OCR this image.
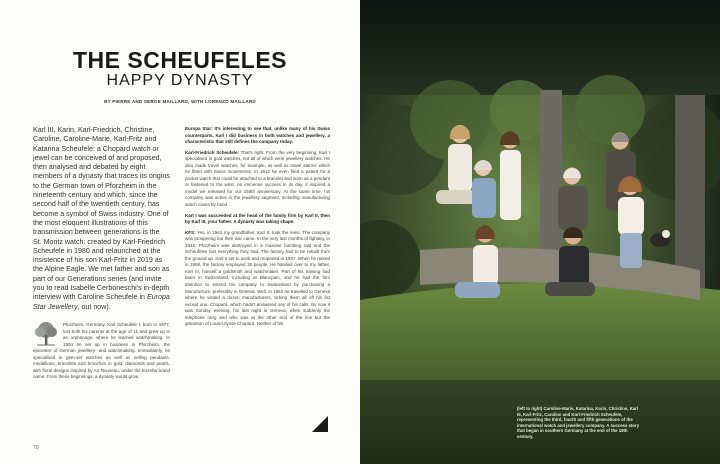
THE SCHEUFELES
HAPPY DYNASTY
BY PIERRE AND SERGE MAILLARD, WITH LORENZO MAILLARD
Karl III, Karin, Karl-Friedrich, Christine, Caroline, Caroline-Marie, Karl-Fritz and Katarina Scheufele: a Chopard watch or jewel can be conceived of and proposed, then analysed and debated by eight members of a dynasty that traces its origins to the German town of Pforzheim in the nineteenth century and which, since the second half of the twentieth century, has become a symbol of Swiss industry. One of the most eloquent illustrations of this transmission between generations is the St. Moritz watch: created by Karl-Friedrich Scheufele in 1980 and relaunched at the insistence of his son Karl-Fritz in 2019 as the Alpine Eagle. We met father and son as part of our Generations series (and invite you to read Isabelle Cerboneschi's in-depth interview with Caroline Scheufele in Europa Star Jewellery, out now).
Pforzheim, Germany. Karl Scheufele I, born in 1877, lost both his parents at the age of 11 and grew up in an orphanage, where he learned watchmaking. In 1904 he set up in business in Pforzheim, the epicentre of German jewellery- and watchmaking. Immediately, he specialised in gem-set watches as well as selling pendants, medallions, bracelets and brooches in gold, diamonds and pearls, with floral designs inspired by Art Nouveau, under the Eszeha brand name. From these beginnings, a dynasty would grow.

Europa Star: It's interesting to see that, unlike many of his Swiss counterparts, Karl I did business in both watches and jewellery, a characteristic that still defines the company today.

Karl-Friedrich Scheufele: That's right. From the very beginning, Karl I specialised in gold watches, not all of which were jewellery watches. He also made travel watches, for example, as well as travel alarms which he fitted with Swiss movements. In 1912 he even filed a patent for a pocket watch that could be attached to a bracelet and worn as a pendant or fastened to the wrist. An immense success in its day, it inspired a model we released for our 150th anniversary. At the same time, his company was active in the jewellery segment, including manufacturing watch cases by hand.

Karl I was succeeded at the head of the family firm by Karl II, then by Karl III, your father. A dynasty was taking shape.

KFS: Yes, in 1941 my grandfather, Karl II, took the reins. The company was prospering but then war came. In the very last months of fighting, in 1945, Pforzheim was destroyed in a massive bombing raid and the Scheufeles lost everything they had. The factory had to be rebuilt from the ground up. Karl II set to work and reopened in 1947. When he retired in 1958, the factory employed 36 people. He handed over to my father, Karl III, himself a goldsmith and watchmaker. Part of his training had been in Switzerland, including at Blancpain, and he had the firm intention to extend his company to Switzerland by purchasing a Manufacture, preferably in Geneva. Well, in 1963 he travelled to Geneva where he visited a dozen manufacturers, ticking them all off his list except one, Chopard, which hadn't answered any of his calls. By now it was Sunday evening, his last night in Geneva, when suddenly the telephone rang and who was at the other end of the line but the grandson of Louis-Ulysse Chopard. Neither of his

70
(left to right) Caroline-Marie, Katarina, Karin, Christine, Karl III, Karl-Fritz, Caroline and Karl-Friedrich Scheufele, representing the third, fourth and fifth generations of the international watch and jewellery company. A success story that began in southern Germany at the end of the 19th century.
